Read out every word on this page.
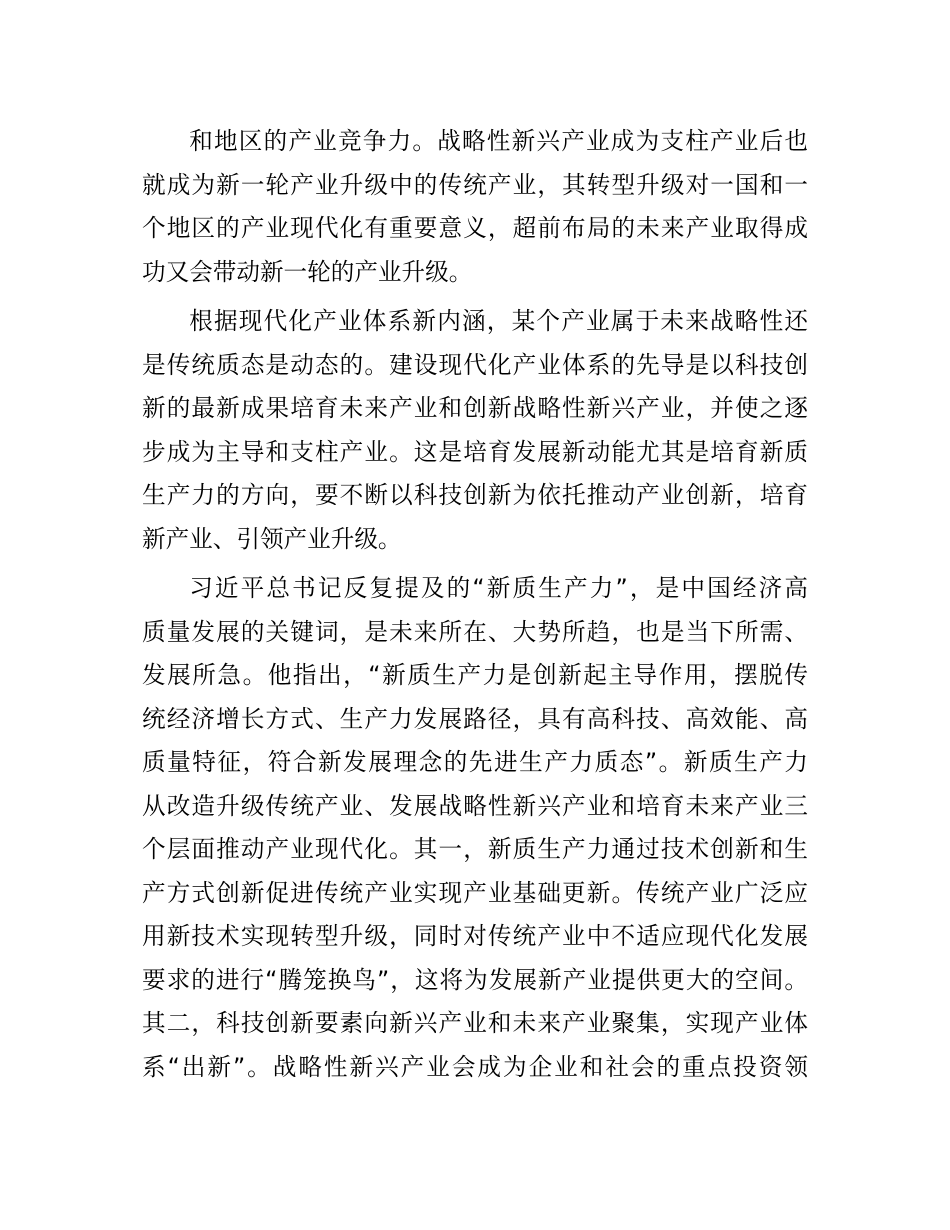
和地区的产业竞争力。战略性新兴产业成为支柱产业后也
就成为新一轮产业升级中的传统产业，其转型升级对一国和一
个地区的产业现代化有重要意义，超前布局的未来产业取得成
功又会带动新一轮的产业升级。
根据现代化产业体系新内涵，某个产业属于未来战略性还
是传统质态是动态的。建设现代化产业体系的先导是以科技创
新的最新成果培育未来产业和创新战略性新兴产业，并使之逐
步成为主导和支柱产业。这是培育发展新动能尤其是培育新质
生产力的方向，要不断以科技创新为依托推动产业创新，培育
新产业、引领产业升级。
习近平总书记反复提及的“新质生产力”，是中国经济高
质量发展的关键词，是未来所在、大势所趋，也是当下所需、
发展所急。他指出，“新质生产力是创新起主导作用，摆脱传
统经济增长方式、生产力发展路径，具有高科技、高效能、高
质量特征，符合新发展理念的先进生产力质态”。新质生产力
从改造升级传统产业、发展战略性新兴产业和培育未来产业三
个层面推动产业现代化。其一，新质生产力通过技术创新和生
产方式创新促进传统产业实现产业基础更新。传统产业广泛应
用新技术实现转型升级，同时对传统产业中不适应现代化发展
要求的进行“腾笼换鸟”，这将为发展新产业提供更大的空间。
其二，科技创新要素向新兴产业和未来产业聚集，实现产业体
系“出新”。战略性新兴产业会成为企业和社会的重点投资领
